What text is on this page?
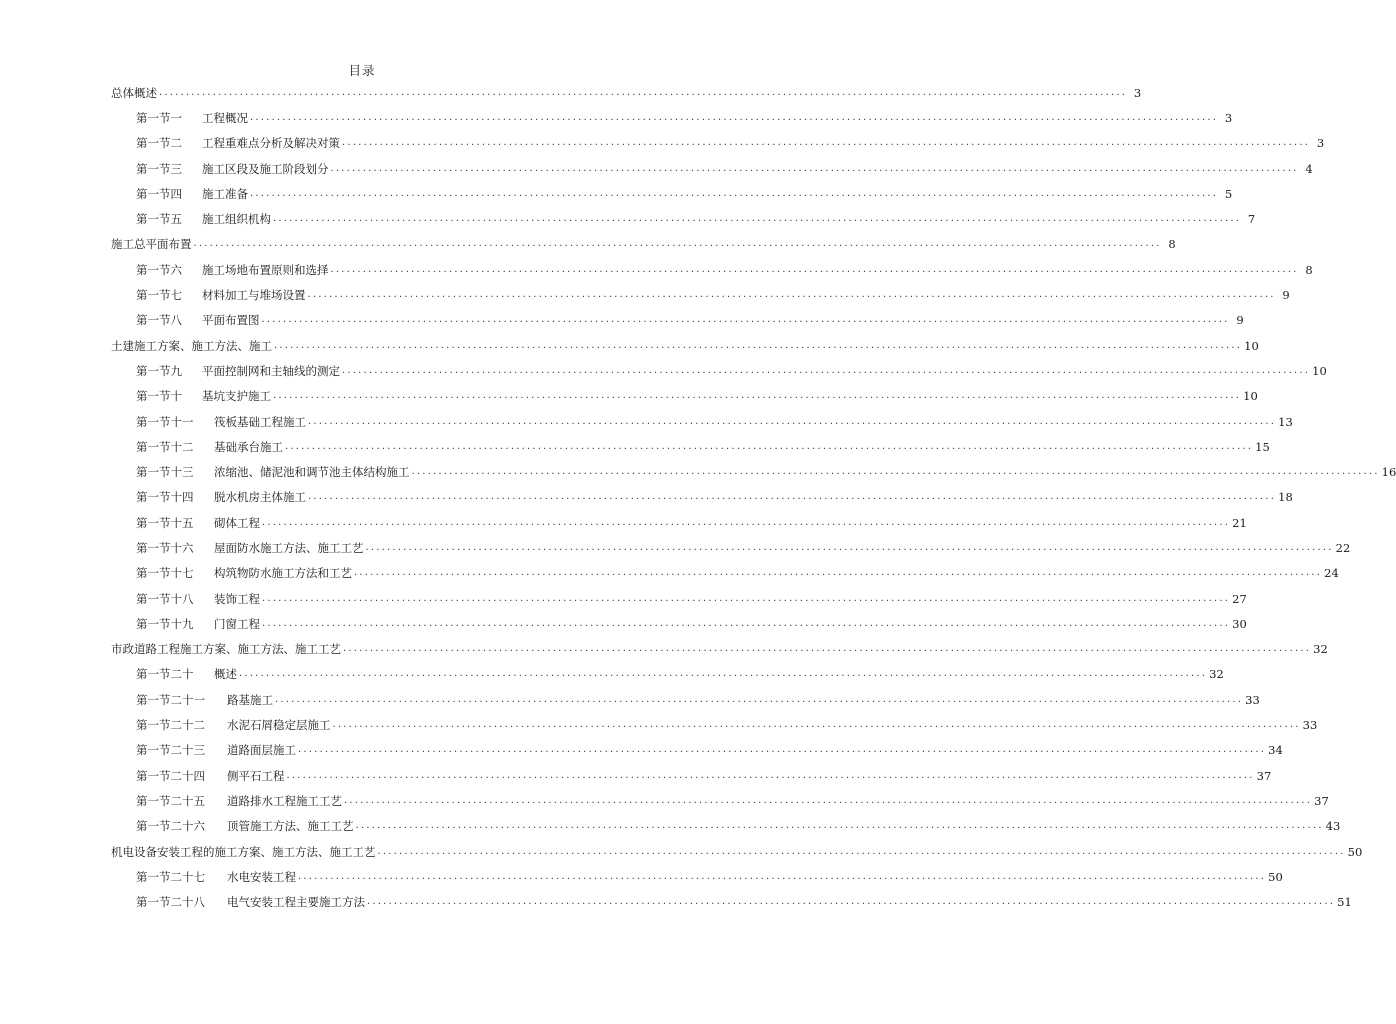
目录
总体概述 .....	3
第一节一	工程概况 .....	3
第一节二	工程重难点分析及解决对策 .....	3
第一节三	施工区段及施工阶段划分 .....	4
第一节四	施工准备 .....	5
第一节五	施工组织机构 .....	7
施工总平面布置 .....	8
第一节六	施工场地布置原则和选择 .....	8
第一节七	材料加工与堆场设置 .....	9
第一节八	平面布置图 .....	9
土建施工方案、施工方法、施工 .....	10
第一节九	平面控制网和主轴线的测定 .....	10
第一节十	基坑支护施工 .....	10
第一节十一	筏板基础工程施工 .....	13
第一节十二	基础承台施工 .....	15
第一节十三	浓缩池、储泥池和调节池主体结构施工 .....	16
第一节十四	脱水机房主体施工 .....	18
第一节十五	砌体工程 .....	21
第一节十六	屋面防水施工方法、施工工艺 .....	22
第一节十七	构筑物防水施工方法和工艺 .....	24
第一节十八	装饰工程 .....	27
第一节十九	门窗工程 .....	30
市政道路工程施工方案、施工方法、施工工艺 .....	32
第一节二十	概述 .....	32
第一节二十一	路基施工 .....	33
第一节二十二	水泥石屑稳定层施工 .....	33
第一节二十三	道路面层施工 .....	34
第一节二十四	侧平石工程 .....	37
第一节二十五	道路排水工程施工工艺 .....	37
第一节二十六	顶管施工方法、施工工艺 .....	43
机电设备安装工程的施工方案、施工方法、施工工艺 .....	50
第一节二十七	水电安装工程 .....	50
第一节二十八	电气安装工程主要施工方法 .....	51
